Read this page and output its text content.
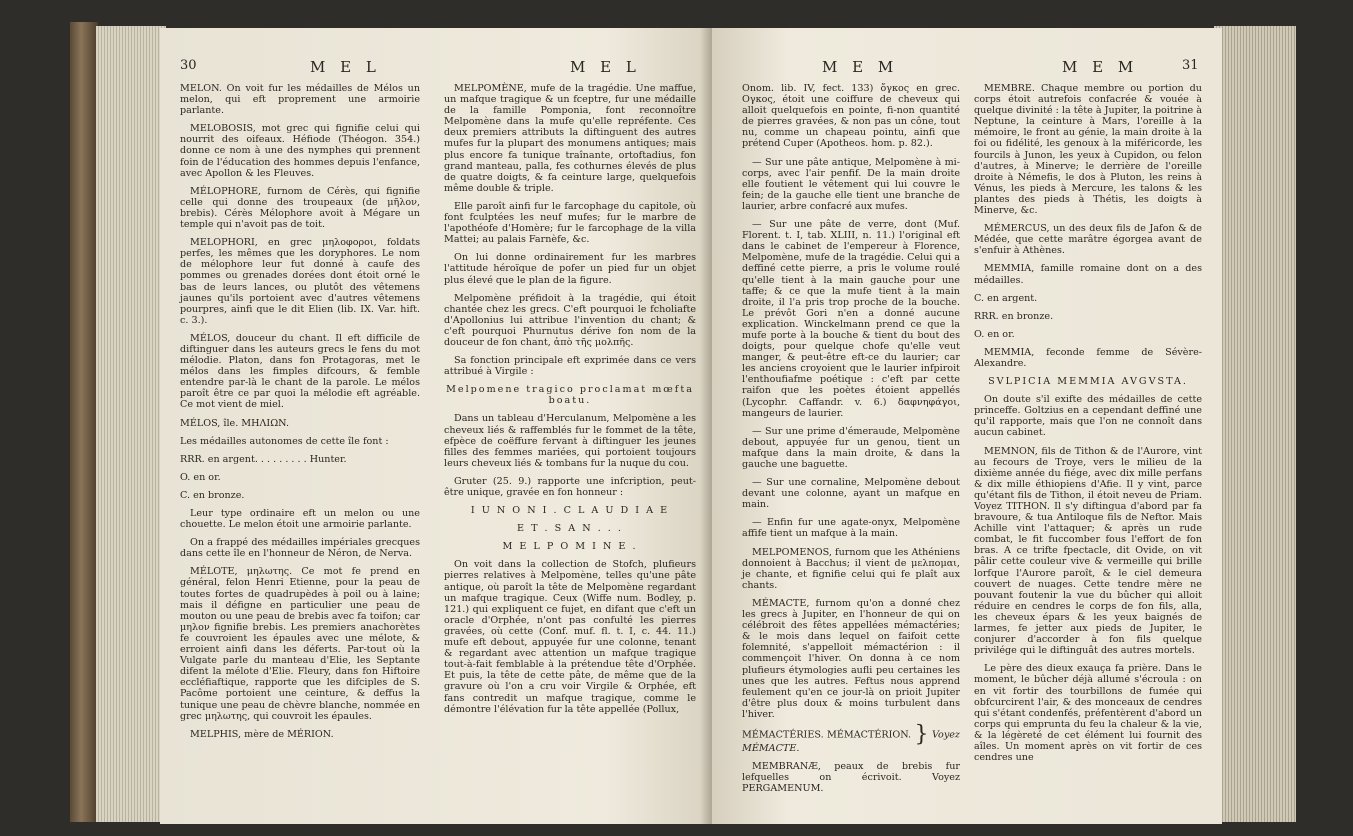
30	M E L	M E L

MELON. On voit fur les médailles de Mélos un melon, qui eft proprement une armoirie parlante.

MELOBOSIS, mot grec qui fignifie celui qui nourrit des oifeaux. Héfiode (Théogon. 354.) donne ce nom à une des nymphes qui prennent foin de l'éducation des hommes depuis l'enfance, avec Apollon & les Fleuves.

MÉLOPHORE, furnom de Cérès, qui fignifie celle qui donne des troupeaux (de μῆλον, brebis). Cérès Mélophore avoit à Mégare un temple qui n'avoit pas de toit.

MELOPHORI, en grec μηλοφοροι, foldats perfes, les mêmes que les doryphores. Le nom de mélophore leur fut donné à caufe des pommes ou grenades dorées dont étoit orné le bas de leurs lances, ou plutôt des vêtemens jaunes qu'ils portoient avec d'autres vêtemens pourpres, ainfi que le dit Elien (lib. IX. Var. hift. c. 3.).

MÉLOS, douceur du chant. Il eft difficile de diftinguer dans les auteurs grecs le fens du mot mélodie. Platon, dans fon Protagoras, met le mélos dans les fimples difcours, & femble entendre par-là le chant de la parole. Le mélos paroît être ce par quoi la mélodie eft agréable. Ce mot vient de miel.

MÉLOS, île. MHΛIΩN.

Les médailles autonomes de cette île font :

RRR. en argent. . . . . . . . . Hunter.

O. en or.

C. en bronze.

Leur type ordinaire eft un melon ou une chouette. Le melon étoit une armoirie parlante.

On a frappé des médailles impériales grecques dans cette île en l'honneur de Néron, de Nerva.

MÉLOTE, μηλωτης. Ce mot fe prend en général, felon Henri Etienne, pour la peau de toutes fortes de quadrupèdes à poil ou à laine; mais il défigne en particulier une peau de mouton ou une peau de brebis avec fa toifon; car μηλον fignifie brebis. Les premiers anachorètes fe couvroient les épaules avec une mélote, & erroient ainfi dans les déferts. Par-tout où la Vulgate parle du manteau d'Elie, les Septante difent la mélote d'Elie. Fleury, dans fon Hiftoire eccléfiaftique, rapporte que les difciples de S. Pacôme portoient une ceinture, & deffus la tunique une peau de chèvre blanche, nommée en grec μηλωτης, qui couvroit les épaules.

MELPHIS, mère de MÉRION.

MELPOMÈNE, mufe de la tragédie. Une maffue, un mafque tragique & un fceptre, fur une médaille de la famille Pomponia, font reconnoître Melpomène dans la mufe qu'elle repréfente. Ces deux premiers attributs la diftinguent des autres mufes fur la plupart des monumens antiques; mais plus encore fa tunique traînante, ortoftadius, fon grand manteau, palla, fes cothurnes élevés de plus de quatre doigts, & fa ceinture large, quelquefois même double & triple.

Elle paroît ainfi fur le farcophage du capitole, où font fculptées les neuf mufes; fur le marbre de l'apothéofe d'Homère; fur le farcophage de la villa Mattei; au palais Farnèfe, &c.

On lui donne ordinairement fur les marbres l'attitude héroïque de pofer un pied fur un objet plus élevé que le plan de la figure.

Melpomène préfidoit à la tragédie, qui étoit chantée chez les grecs. C'eft pourquoi le fcholiafte d'Apollonius lui attribue l'invention du chant; & c'eft pourquoi Phurnutus dérive fon nom de la douceur de fon chant, ἀπὸ τῆς μολπῆς.

Sa fonction principale eft exprimée dans ce vers attribué à Virgile :

Melpomene tragico proclamat mœfta boatu.

Dans un tableau d'Herculanum, Melpomène a les cheveux liés & raffemblés fur le fommet de la tête, efpèce de coëffure fervant à diftinguer les jeunes filles des femmes mariées, qui portoient toujours leurs cheveux liés & tombans fur la nuque du cou.

Gruter (25. 9.) rapporte une infcription, peut-être unique, gravée en fon honneur :

I U N O N I . C L A U D I A E

E T . S A N . . .

M E L P O M I N E .

On voit dans la collection de Stofch, plufieurs pierres relatives à Melpomène, telles qu'une pâte antique, où paroît la tête de Melpomène regardant un mafque tragique. Ceux (Wiffe num. Bodley, p. 121.) qui expliquent ce fujet, en difant que c'eft un oracle d'Orphée, n'ont pas confulté les pierres gravées, où cette (Conf. muf. fl. t. I, c. 44. 11.) mufe eft debout, appuyée fur une colonne, tenant & regardant avec attention un mafque tragique tout-à-fait femblable à la prétendue tête d'Orphée. Et puis, la tête de cette pâte, de même que de la gravure où l'on a cru voir Virgile & Orphée, eft fans contredit un mafque tragique, comme le démontre l'élévation fur la tête appellée (Pollux,

M E M	M E M	31

Onom. lib. IV, fect. 133) ὄγκος en grec. Ογκος, étoit une coiffure de cheveux qui alloit quelquefois en pointe, fi-non quantité de pierres gravées, & non pas un cône, tout nu, comme un chapeau pointu, ainfi que prétend Cuper (Apotheos. hom. p. 82.).

— Sur une pâte antique, Melpomène à mi-corps, avec l'air penfif. De la main droite elle foutient le vêtement qui lui couvre le fein; de la gauche elle tient une branche de laurier, arbre confacré aux mufes.

— Sur une pâte de verre, dont (Muf. Florent. t. I, tab. XLIII, n. 11.) l'original eft dans le cabinet de l'empereur à Florence, Melpomène, mufe de la tragédie. Celui qui a deffiné cette pierre, a pris le volume roulé qu'elle tient à la main gauche pour une taffe; & ce que la mufe tient à la main droite, il l'a pris trop proche de la bouche. Le prévôt Gori n'en a donné aucune explication. Winckelmann prend ce que la mufe porte à la bouche & tient du bout des doigts, pour quelque chofe qu'elle veut manger, & peut-être eft-ce du laurier; car les anciens croyoient que le laurier infpiroit l'enthoufiafme poétique : c'eft par cette raifon que les poètes étoient appellés (Lycophr. Caffandr. v. 6.) δαφνηφάγοι, mangeurs de laurier.

— Sur une prime d'émeraude, Melpomène debout, appuyée fur un genou, tient un mafque dans la main droite, & dans la gauche une baguette.

— Sur une cornaline, Melpomène debout devant une colonne, ayant un mafque en main.

— Enfin fur une agate-onyx, Melpomène affife tient un mafque à la main.

MELPOMENOS, furnom que les Athéniens donnoient à Bacchus; il vient de μελπομαι, je chante, et fignifie celui qui fe plaît aux chants.

MÉMACTE, furnom qu'on a donné chez les grecs à Jupiter, en l'honneur de qui on célébroit des fêtes appellées mémactéries; & le mois dans lequel on faifoit cette folemnité, s'appelloit mémactérion : il commençoit l'hiver. On donna à ce nom plufieurs étymologies aufli peu certaines les unes que les autres. Feftus nous apprend feulement qu'en ce jour-là on prioit Jupiter d'être plus doux & moins turbulent dans l'hiver.

MÉMACTÉRIES. MÉMACTÉRION. } Voyez MÉMACTE.

MEMBRANÆ, peaux de brebis fur lefquelles on écrivoit. Voyez PERGAMENUM.

MEMBRE. Chaque membre ou portion du corps étoit autrefois confacrée & vouée à quelque divinité : la tête à Jupiter, la poitrine à Neptune, la ceinture à Mars, l'oreille à la mémoire, le front au génie, la main droite à la foi ou fidélité, les genoux à la miféricorde, les fourcils à Junon, les yeux à Cupidon, ou felon d'autres, à Minerve; le derrière de l'oreille droite à Némefis, le dos à Pluton, les reins à Vénus, les pieds à Mercure, les talons & les plantes des pieds à Thétis, les doigts à Minerve, &c.

MÉMERCUS, un des deux fils de Jafon & de Médée, que cette marâtre égorgea avant de s'enfuir à Athènes.

MEMMIA, famille romaine dont on a des médailles.

C. en argent.

RRR. en bronze.

O. en or.

MEMMIA, feconde femme de Sévère-Alexandre.

SVLPICIA MEMMIA AVGVSTA.

On doute s'il exifte des médailles de cette princeffe. Goltzius en a cependant deffiné une qu'il rapporte, mais que l'on ne connoît dans aucun cabinet.

MEMNON, fils de Tithon & de l'Aurore, vint au fecours de Troye, vers le milieu de la dixième année du fiége, avec dix mille perfans & dix mille éthiopiens d'Afie. Il y vint, parce qu'étant fils de Tithon, il étoit neveu de Priam. Voyez TITHON. Il s'y diftingua d'abord par fa bravoure, & tua Antiloque fils de Neftor. Mais Achille vint l'attaquer; & après un rude combat, le fit fuccomber fous l'effort de fon bras. A ce trifte fpectacle, dit Ovide, on vit pâlir cette couleur vive & vermeille qui brille lorfque l'Aurore paroît, & le ciel demeura couvert de nuages. Cette tendre mère ne pouvant foutenir la vue du bûcher qui alloit réduire en cendres le corps de fon fils, alla, les cheveux épars & les yeux baignés de larmes, fe jetter aux pieds de Jupiter, le conjurer d'accorder à fon fils quelque privilége qui le diftinguât des autres mortels.

Le père des dieux exauça fa prière. Dans le moment, le bûcher déjà allumé s'écroula : on en vit fortir des tourbillons de fumée qui obfcurcirent l'air, & des monceaux de cendres qui s'étant condenfés, préfentèrent d'abord un corps qui emprunta du feu la chaleur & la vie, & la légèreté de cet élément lui fournit des aîles. Un moment après on vit fortir de ces cendres une
